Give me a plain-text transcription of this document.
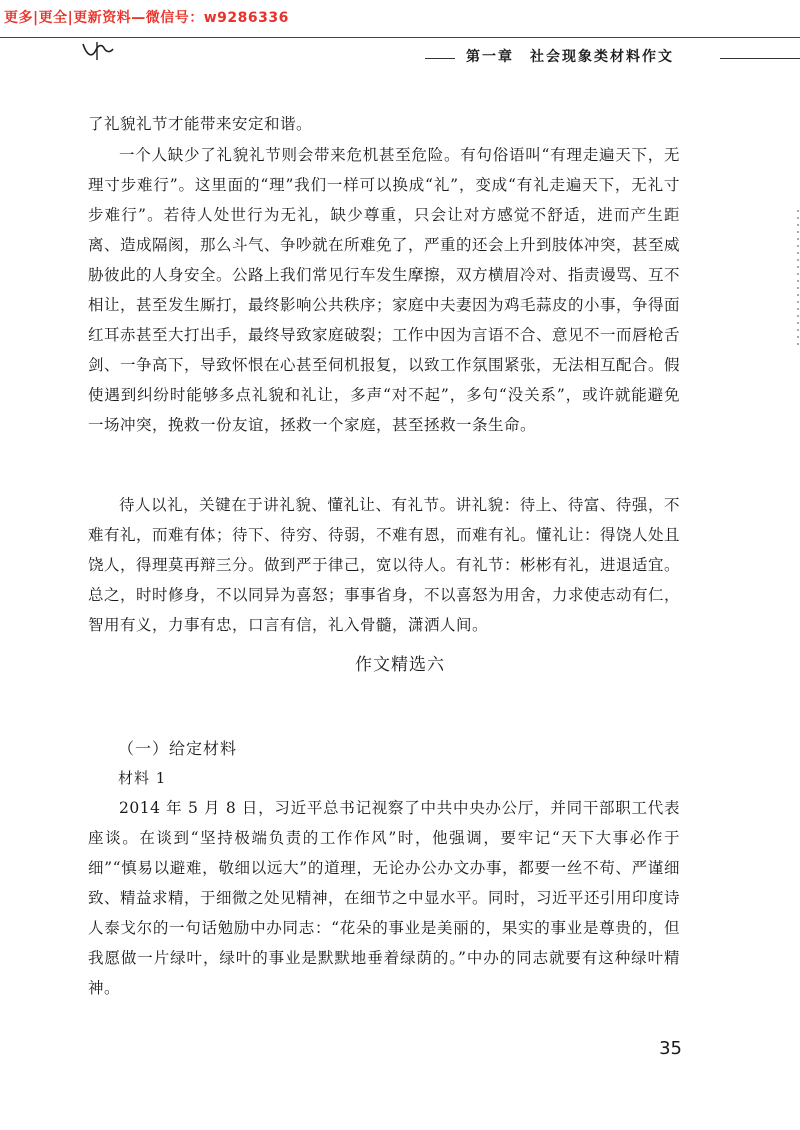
更多|更全|更新资料—微信号：w9286336
第一章　社会现象类材料作文

了礼貌礼节才能带来安定和谐。

一个人缺少了礼貌礼节则会带来危机甚至危险。有句俗语叫“有理走遍天下，无理寸步难行”。这里面的“理”我们一样可以换成“礼”，变成“有礼走遍天下，无礼寸步难行”。若待人处世行为无礼，缺少尊重，只会让对方感觉不舒适，进而产生距离、造成隔阂，那么斗气、争吵就在所难免了，严重的还会上升到肢体冲突，甚至威胁彼此的人身安全。公路上我们常见行车发生摩擦，双方横眉冷对、指责谩骂、互不相让，甚至发生厮打，最终影响公共秩序；家庭中夫妻因为鸡毛蒜皮的小事，争得面红耳赤甚至大打出手，最终导致家庭破裂；工作中因为言语不合、意见不一而唇枪舌剑、一争高下，导致怀恨在心甚至伺机报复，以致工作氛围紧张，无法相互配合。假使遇到纠纷时能够多点礼貌和礼让，多声“对不起”，多句“没关系”，或许就能避免一场冲突，挽救一份友谊，拯救一个家庭，甚至拯救一条生命。

待人以礼，关键在于讲礼貌、懂礼让、有礼节。讲礼貌：待上、待富、待强，不难有礼，而难有体；待下、待穷、待弱，不难有恩，而难有礼。懂礼让：得饶人处且饶人，得理莫再辩三分。做到严于律己，宽以待人。有礼节：彬彬有礼，进退适宜。总之，时时修身，不以同异为喜怒；事事省身，不以喜怒为用舍，力求使志动有仁，智用有义，力事有忠，口言有信，礼入骨髓，潇洒人间。

作文精选六
（一）给定材料
材料 1

2014 年 5 月 8 日，习近平总书记视察了中共中央办公厅，并同干部职工代表座谈。在谈到“坚持极端负责的工作作风”时，他强调，要牢记“天下大事必作于细”“慎易以避难，敬细以远大”的道理，无论办公办文办事，都要一丝不苟、严谨细致、精益求精，于细微之处见精神，在细节之中显水平。同时，习近平还引用印度诗人泰戈尔的一句话勉励中办同志：“花朵的事业是美丽的，果实的事业是尊贵的，但我愿做一片绿叶，绿叶的事业是默默地垂着绿荫的。”中办的同志就要有这种绿叶精神。

35
